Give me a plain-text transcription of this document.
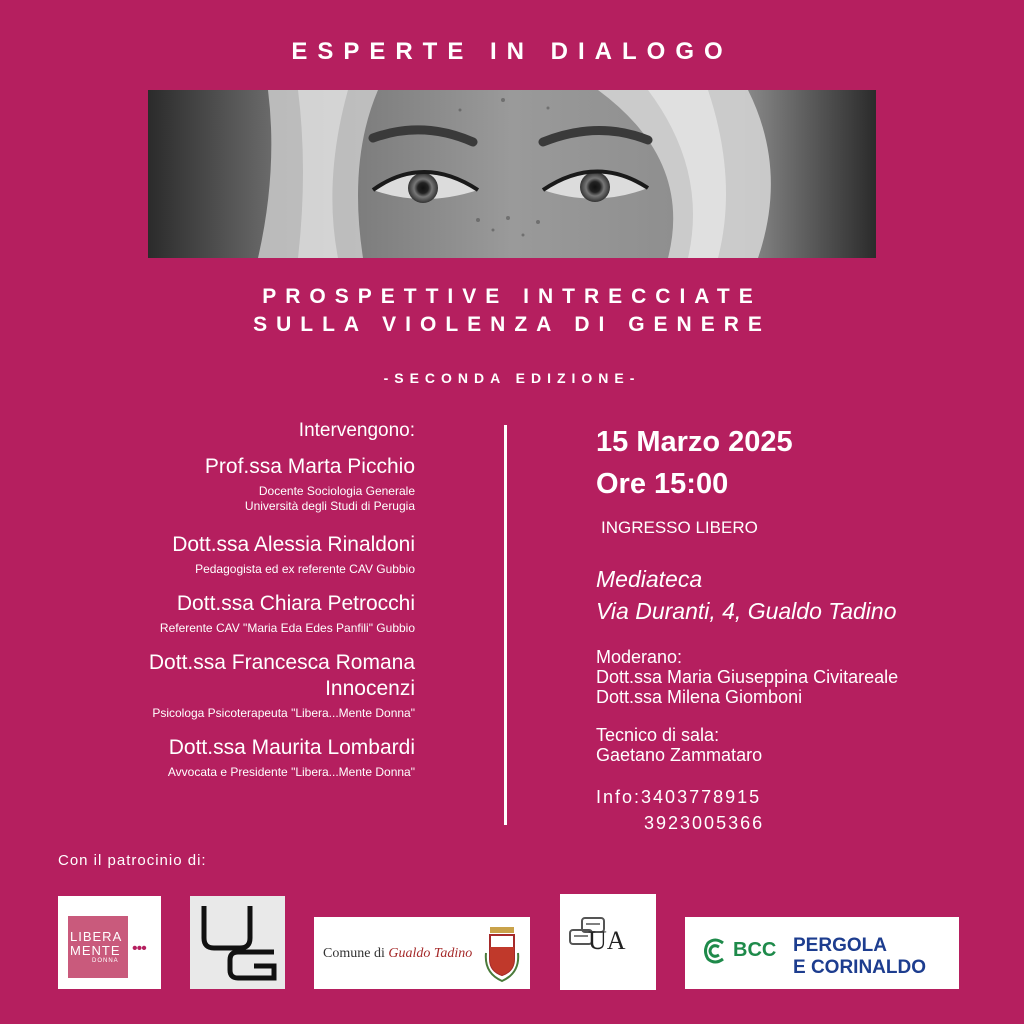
ESPERTE IN DIALOGO
PROSPETTIVE INTRECCIATE
SULLA VIOLENZA DI GENERE
-SECONDA EDIZIONE-
Intervengono:
Prof.ssa Marta Picchio
Docente Sociologia Generale
Università degli Studi di Perugia
Dott.ssa Alessia Rinaldoni
Pedagogista ed ex referente CAV Gubbio
Dott.ssa Chiara Petrocchi
Referente CAV "Maria Eda Edes Panfili" Gubbio
Dott.ssa Francesca Romana
Innocenzi
Psicologa Psicoterapeuta "Libera...Mente Donna"
Dott.ssa Maurita Lombardi
Avvocata e Presidente "Libera...Mente Donna"
15 Marzo 2025
Ore 15:00
INGRESSO LIBERO
Mediateca
Via Duranti, 4, Gualdo Tadino
Moderano:
Dott.ssa Maria Giuseppina Civitareale
Dott.ssa Milena Giomboni
Tecnico di sala:
Gaetano Zammataro
Info:3403778915
3923005366
Con il patrocinio di:
LIBERA
MENTE
DONNA
•••	Comune di Gualdo Tadino	UA	BCC PERGOLA
E CORINALDO
